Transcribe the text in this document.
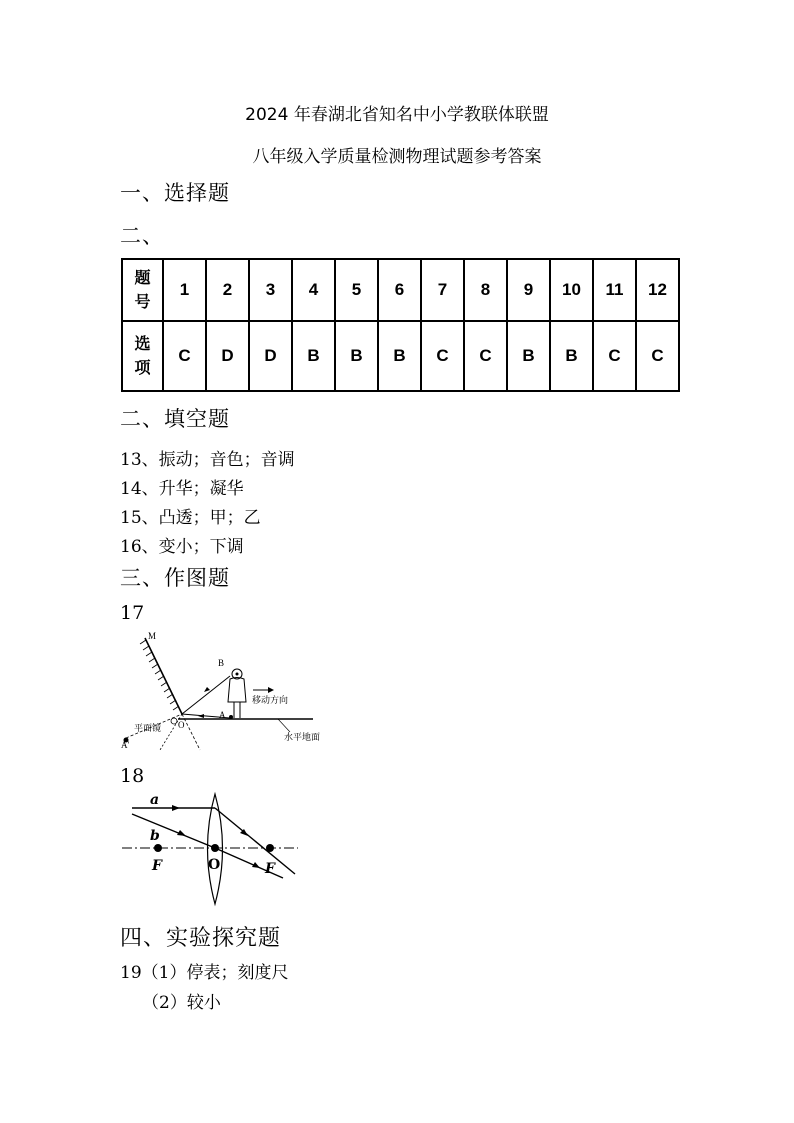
2024 年春湖北省知名中小学教联体联盟
八年级入学质量检测物理试题参考答案
一、选择题
二、
题
号	1	2	3	4	5	6	7	8	9	10	11	12

选
项	C	D	D	B	B	B	C	C	B	B	C	C
二、填空题
13、振动；音色；音调
14、升华；凝华
15、凸透；甲；乙
16、变小；下调
三、作图题
17
M
B
A
O
A'
移动方向
平面镜
水平地面
18
a
b
F	O	F
四、实验探究题
19（1）停表；刻度尺
（2）较小
